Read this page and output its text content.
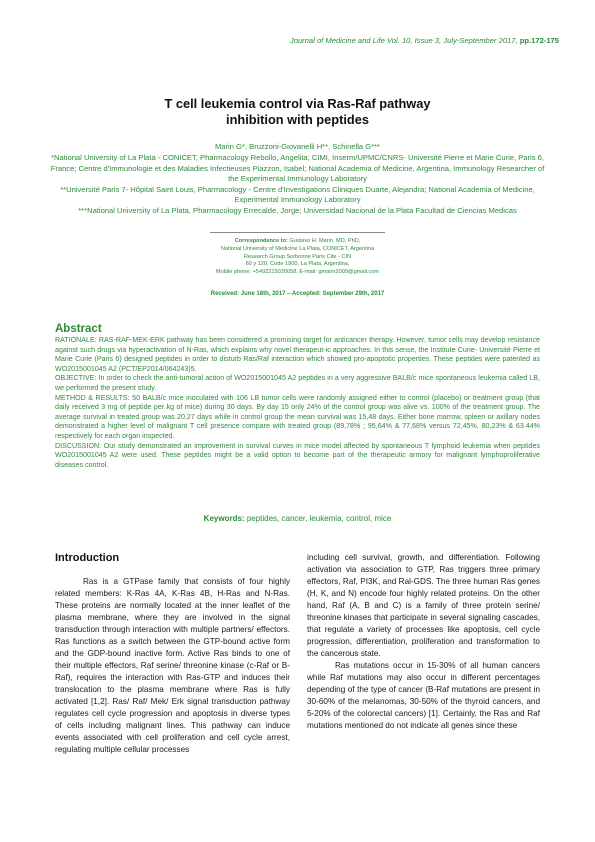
Journal of Medicine and Life Vol. 10, Issue 3, July-September 2017, pp.172-175
T cell leukemia control via Ras-Raf pathway
inhibition with peptides
Marin G*, Bruzzoni-Giovanelli H**, Schinella G***

*National University of La Plata - CONICET, Pharmacology Rebollo, Angelita; CIMI, Inserm/UPMC/CNRS- Université Pierre et Marie Curie, Paris 6, France; Centre d'Immunologie et des Maladies Infectieuses Piazzon, Isabel; National Academia of Medicine, Argentina, Immunology Researcher of the Experimental Immunology Laboratory

**Université Paris 7- Hôpital Saint Louis, Pharmacology - Centre d'Investigations Cliniques Duarte, Alejandra; National Academia of Medicine, Experimental Immunology Laboratory

***National University of La Plata, Pharmacology Errecalde, Jorge; Universidad Nacional de la Plata Facultad de Ciencias Medicas

Correspondence to: Gustavo H. Marin, MD, PhD,
National University of Medicine La Plata, CONICET, Argentina
Research Group Sorbonne Paris Cite - CIN
60 y 120, Code 1900, La Plata, Argentina,
Mobile phone: +5492215030058, E-mail: gmarin2009@gmail.com
Received: June 18th, 2017 – Accepted: September 29th, 2017
Abstract

RATIONALE: RAS-RAF-MEK-ERK pathway has been considered a promising target for anticancer therapy. However, tumor cells may develop resistance against such drugs via hyperactivation of N-Ras, which explains why novel therapeut-ic approaches. In this sense, the Institute Curie- Université Pierre et Marie Curie (Paris 6) designed peptides in order to disturb Ras/Raf interaction which showed pro-apoptotic properties. These peptides were patented as WO2015001045 A2 (PCT/EP2014/064243)5.

OBJECTIVE: In order to check the anti-tumoral action of WO2015001045 A2 peptides in a very aggressive BALB/c mice spontaneous leukemia called LB, we performed the present study.

METHOD & RESULTS: 50 BALB/c mice inoculated with 106 LB tumor cells were randomly assigned either to control (placebo) or treatment group (that daily received 3 mg of peptide per kg of mice) during 30 days. By day 15 only 24% of the control group was alive vs. 100% of the treatment group. The average survival in treated group was 20,27 days while in control group the mean survival was 15,48 days. Either bone marrow, spleen or axillary nodes demonstrated a higher level of malignant T cell presence compare with treated group (89,78% ; 95,64% & 77,68% versus 72,45%, 80,23% & 63.44% respectively for each organ inspected.

DISCUSSION: Our study demonstrated an improvement in survival curves in mice model affected by spontaneous T lymphoid leukemia when peptides WO2015001045 A2 were used. These peptides might be a valid option to become part of the therapeutic armory for malignant lymphoproliferative diseases control.

Keywords: peptides, cancer, leukemia, control, mice
Introduction

Ras is a GTPase family that consists of four highly related members: K-Ras 4A, K-Ras 4B, H-Ras and N-Ras. These proteins are normally located at the inner leaflet of the plasma membrane, where they are involved in the signal transduction through interaction with multiple partners/ effectors. Ras functions as a switch between the GTP-bound active form and the GDP-bound inactive form. Active Ras binds to one of their multiple effectors, Raf serine/ threonine kinase (c-Raf or B-Raf), requires the interaction with Ras-GTP and induces their translocation to the plasma membrane where Ras is fully activated [1,2]. Ras/ Raf/ Mek/ Erk signal transduction pathway regulates cell cycle progression and apoptosis in diverse types of cells including malignant lines. This pathway can induce events associated with cell proliferation and cell cycle arrest, regulating multiple cellular processes

including cell survival, growth, and differentiation. Following activation via association to GTP, Ras triggers three primary effectors, Raf, PI3K, and Ral-GDS. The three human Ras genes (H, K, and N) encode four highly related proteins. On the other hand, Raf (A, B and C) is a family of three protein serine/ threonine kinases that participate in several signaling cascades, that regulate a variety of processes like apoptosis, cell cycle progression, differentiation, proliferation and transformation to the cancerous state.

Ras mutations occur in 15-30% of all human cancers while Raf mutations may also occur in different percentages depending of the type of cancer (B-Raf mutations are present in 30-60% of the melanomas, 30-50% of the thyroid cancers, and 5-20% of the colorectal cancers) [1]. Certainly, the Ras and Raf mutations mentioned do not indicate all genes since these
